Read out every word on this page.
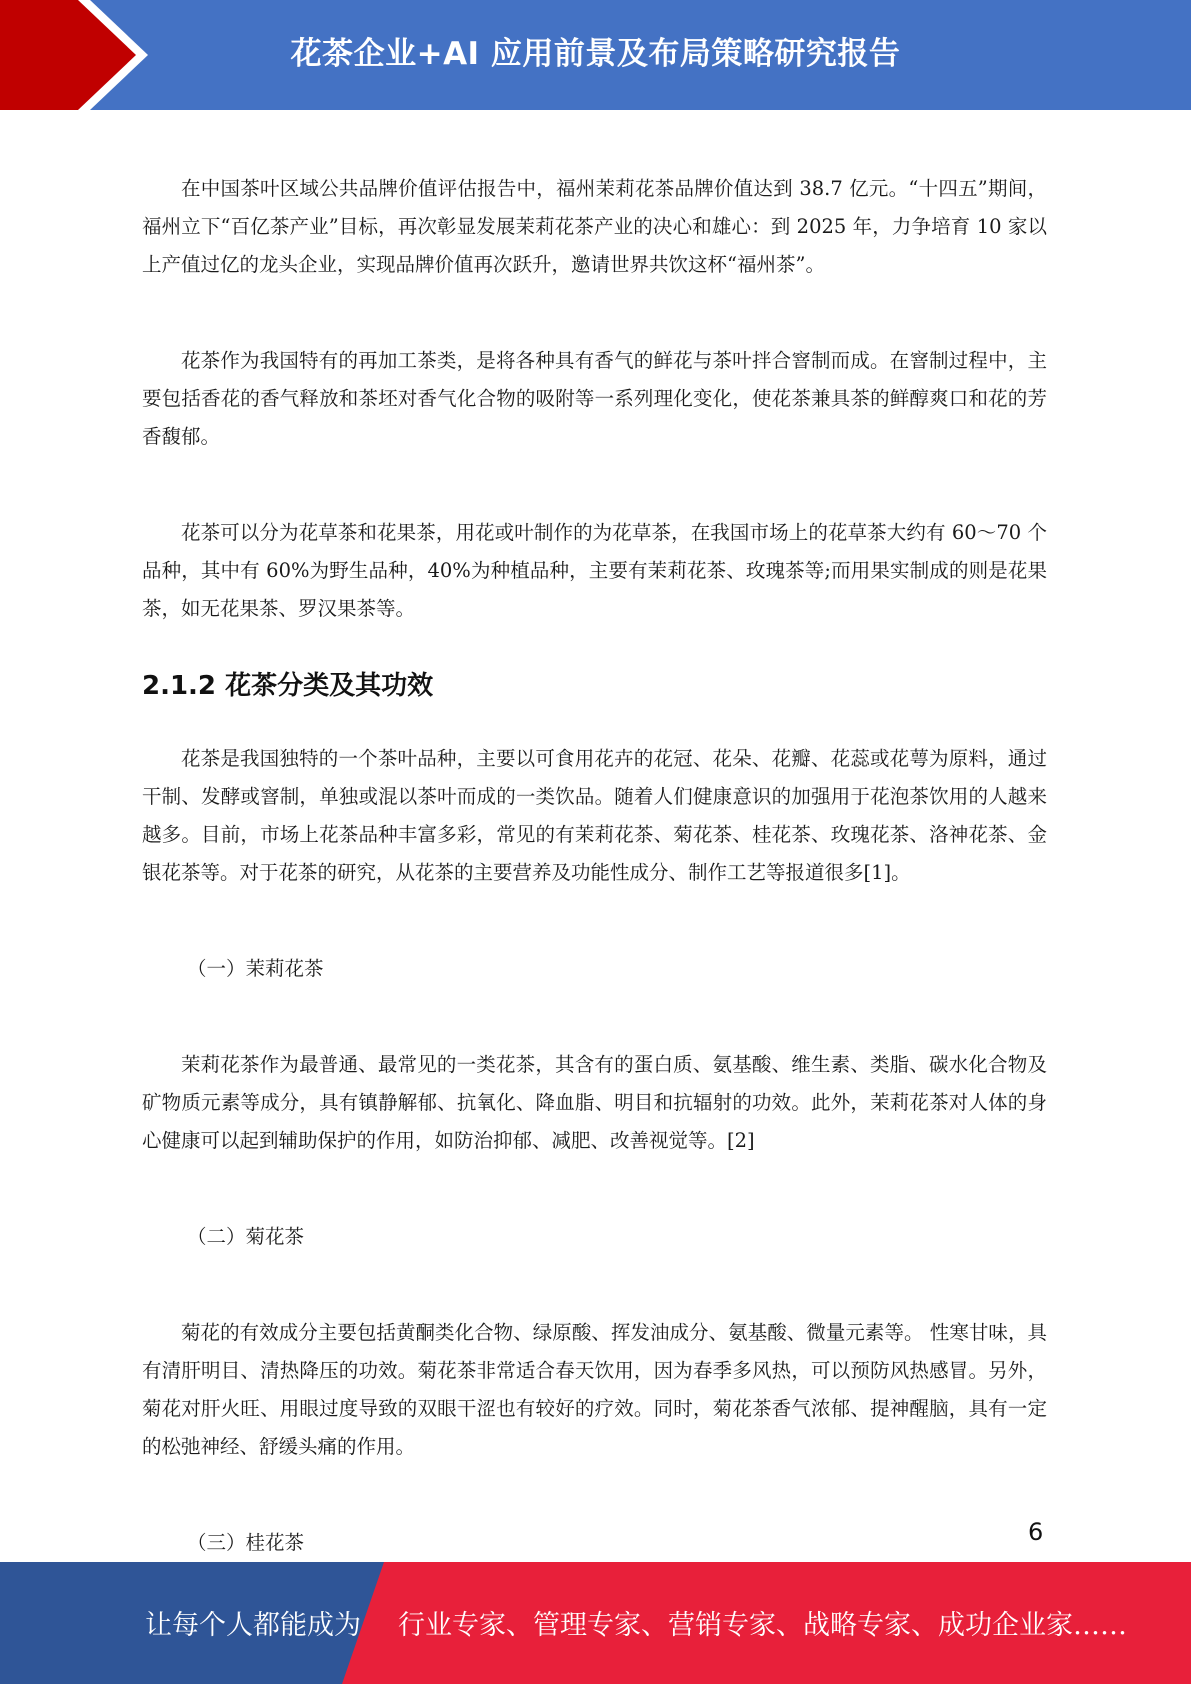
花茶企业+AI 应用前景及布局策略研究报告

在中国茶叶区域公共品牌价值评估报告中，福州茉莉花茶品牌价值达到 38.7 亿元。“十四五”期间，福州立下“百亿茶产业”目标，再次彰显发展茉莉花茶产业的决心和雄心：到 2025 年，力争培育 10 家以上产值过亿的龙头企业，实现品牌价值再次跃升，邀请世界共饮这杯“福州茶”。

花茶作为我国特有的再加工茶类，是将各种具有香气的鲜花与茶叶拌合窨制而成。在窨制过程中，主要包括香花的香气释放和茶坯对香气化合物的吸附等一系列理化变化，使花茶兼具茶的鲜醇爽口和花的芳香馥郁。

花茶可以分为花草茶和花果茶，用花或叶制作的为花草茶，在我国市场上的花草茶大约有 60～70 个品种，其中有 60%为野生品种，40%为种植品种，主要有茉莉花茶、玫瑰茶等;而用果实制成的则是花果茶，如无花果茶、罗汉果茶等。

2.1.2 花茶分类及其功效

花茶是我国独特的一个茶叶品种，主要以可食用花卉的花冠、花朵、花瓣、花蕊或花萼为原料，通过干制、发酵或窨制，单独或混以茶叶而成的一类饮品。随着人们健康意识的加强用于花泡茶饮用的人越来越多。目前，市场上花茶品种丰富多彩，常见的有茉莉花茶、菊花茶、桂花茶、玫瑰花茶、洛神花茶、金银花茶等。对于花茶的研究，从花茶的主要营养及功能性成分、制作工艺等报道很多[1]。

（一）茉莉花茶

茉莉花茶作为最普通、最常见的一类花茶，其含有的蛋白质、氨基酸、维生素、类脂、碳水化合物及矿物质元素等成分，具有镇静解郁、抗氧化、降血脂、明目和抗辐射的功效。此外，茉莉花茶对人体的身心健康可以起到辅助保护的作用，如防治抑郁、减肥、改善视觉等。[2]

（二）菊花茶

菊花的有效成分主要包括黄酮类化合物、绿原酸、挥发油成分、氨基酸、微量元素等。 性寒甘味，具有清肝明目、清热降压的功效。菊花茶非常适合春天饮用，因为春季多风热，可以预防风热感冒。另外，菊花对肝火旺、用眼过度导致的双眼干涩也有较好的疗效。同时，菊花茶香气浓郁、提神醒脑，具有一定的松弛神经、舒缓头痛的作用。

（三）桂花茶	6
让每个人都能成为 行业专家、管理专家、营销专家、战略专家、成功企业家……
